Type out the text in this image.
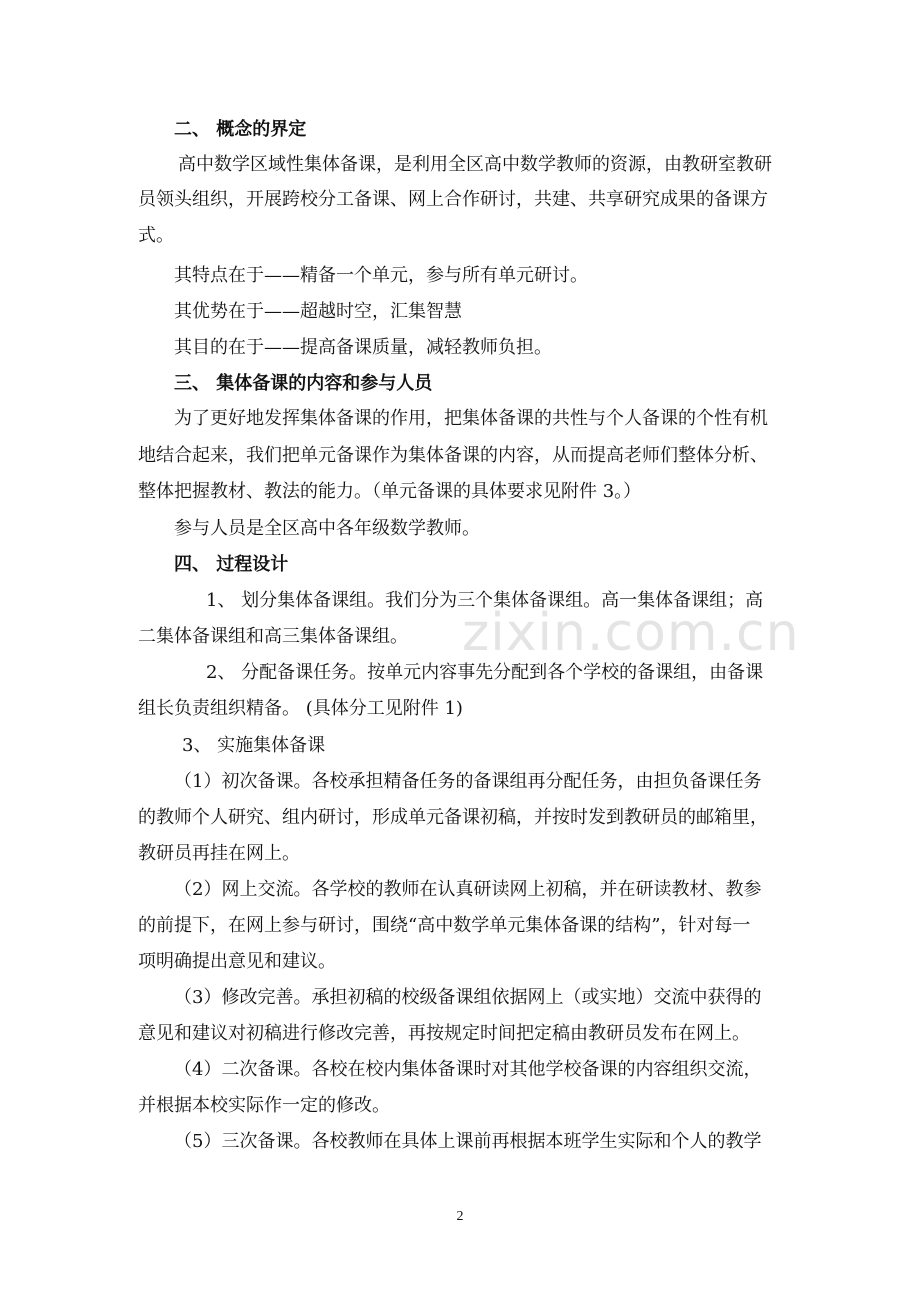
二、 概念的界定
高中数学区域性集体备课，是利用全区高中数学教师的资源，由教研室教研
员领头组织，开展跨校分工备课、网上合作研讨，共建、共享研究成果的备课方
式。
其特点在于——精备一个单元，参与所有单元研讨。
其优势在于——超越时空，汇集智慧
其目的在于——提高备课质量，减轻教师负担。
三、 集体备课的内容和参与人员
为了更好地发挥集体备课的作用，把集体备课的共性与个人备课的个性有机
地结合起来，我们把单元备课作为集体备课的内容，从而提高老师们整体分析、
整体把握教材、教法的能力。（单元备课的具体要求见附件 3。）
参与人员是全区高中各年级数学教师。
四、 过程设计
1、 划分集体备课组。我们分为三个集体备课组。高一集体备课组；高
二集体备课组和高三集体备课组。
2、 分配备课任务。按单元内容事先分配到各个学校的备课组，由备课
组长负责组织精备。 (具体分工见附件 1)
3、 实施集体备课
（1）初次备课。各校承担精备任务的备课组再分配任务，由担负备课任务
的教师个人研究、组内研讨，形成单元备课初稿，并按时发到教研员的邮箱里，
教研员再挂在网上。
（2）网上交流。各学校的教师在认真研读网上初稿，并在研读教材、教参
的前提下，在网上参与研讨，围绕“高中数学单元集体备课的结构”，针对每一
项明确提出意见和建议。
（3）修改完善。承担初稿的校级备课组依据网上（或实地）交流中获得的
意见和建议对初稿进行修改完善，再按规定时间把定稿由教研员发布在网上。
（4）二次备课。各校在校内集体备课时对其他学校备课的内容组织交流，
并根据本校实际作一定的修改。
（5）三次备课。各校教师在具体上课前再根据本班学生实际和个人的教学
zixin.com.cn
2
